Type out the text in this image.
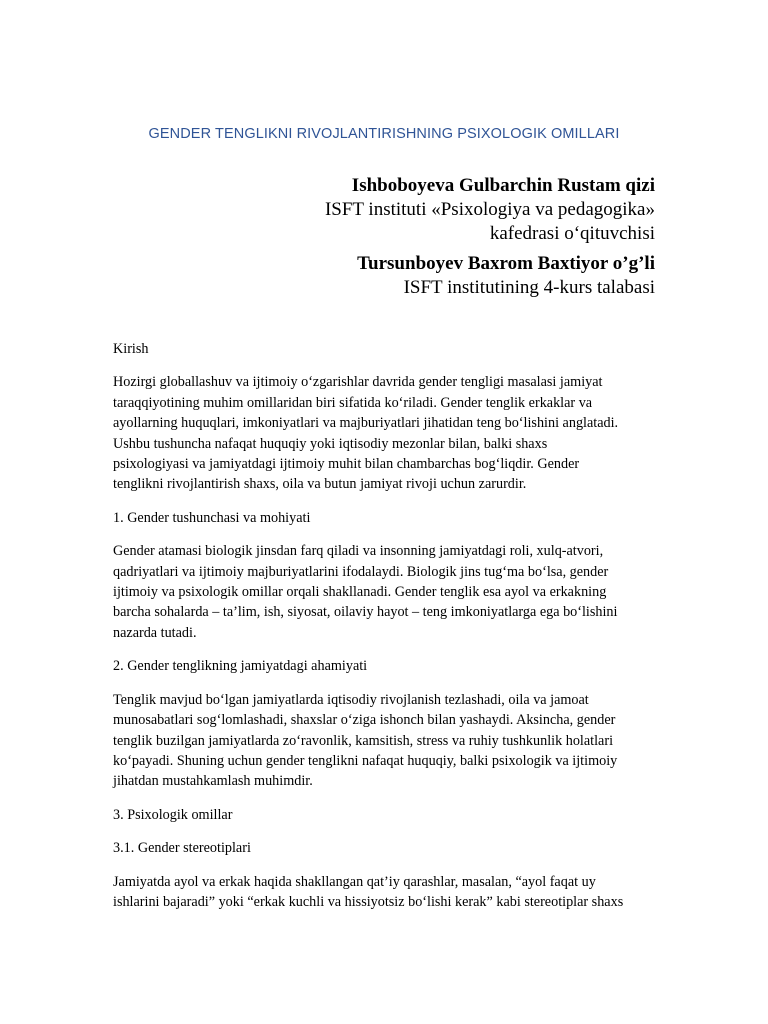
GENDER TENGLIKNI RIVOJLANTIRISHNING PSIXOLOGIK OMILLARI
Ishboboyeva Gulbarchin Rustam qizi
ISFT instituti «Psixologiya va pedagogika»
kafedrasi o‘qituvchisi
Tursunboyev Baxrom Baxtiyor o’g’li
ISFT institutining 4-kurs talabasi

Kirish

Hozirgi globallashuv va ijtimoiy o‘zgarishlar davrida gender tengligi masalasi jamiyat
taraqqiyotining muhim omillaridan biri sifatida ko‘riladi. Gender tenglik erkaklar va
ayollarning huquqlari, imkoniyatlari va majburiyatlari jihatidan teng bo‘lishini anglatadi.
Ushbu tushuncha nafaqat huquqiy yoki iqtisodiy mezonlar bilan, balki shaxs
psixologiyasi va jamiyatdagi ijtimoiy muhit bilan chambarchas bog‘liqdir. Gender
tenglikni rivojlantirish shaxs, oila va butun jamiyat rivoji uchun zarurdir.

1. Gender tushunchasi va mohiyati

Gender atamasi biologik jinsdan farq qiladi va insonning jamiyatdagi roli, xulq-atvori,
qadriyatlari va ijtimoiy majburiyatlarini ifodalaydi. Biologik jins tug‘ma bo‘lsa, gender
ijtimoiy va psixologik omillar orqali shakllanadi. Gender tenglik esa ayol va erkakning
barcha sohalarda – ta’lim, ish, siyosat, oilaviy hayot – teng imkoniyatlarga ega bo‘lishini
nazarda tutadi.

2. Gender tenglikning jamiyatdagi ahamiyati

Tenglik mavjud bo‘lgan jamiyatlarda iqtisodiy rivojlanish tezlashadi, oila va jamoat
munosabatlari sog‘lomlashadi, shaxslar o‘ziga ishonch bilan yashaydi. Aksincha, gender
tenglik buzilgan jamiyatlarda zo‘ravonlik, kamsitish, stress va ruhiy tushkunlik holatlari
ko‘payadi. Shuning uchun gender tenglikni nafaqat huquqiy, balki psixologik va ijtimoiy
jihatdan mustahkamlash muhimdir.

3. Psixologik omillar

3.1. Gender stereotiplari

Jamiyatda ayol va erkak haqida shakllangan qat’iy qarashlar, masalan, “ayol faqat uy
ishlarini bajaradi” yoki “erkak kuchli va hissiyotsiz bo‘lishi kerak” kabi stereotiplar shaxs
